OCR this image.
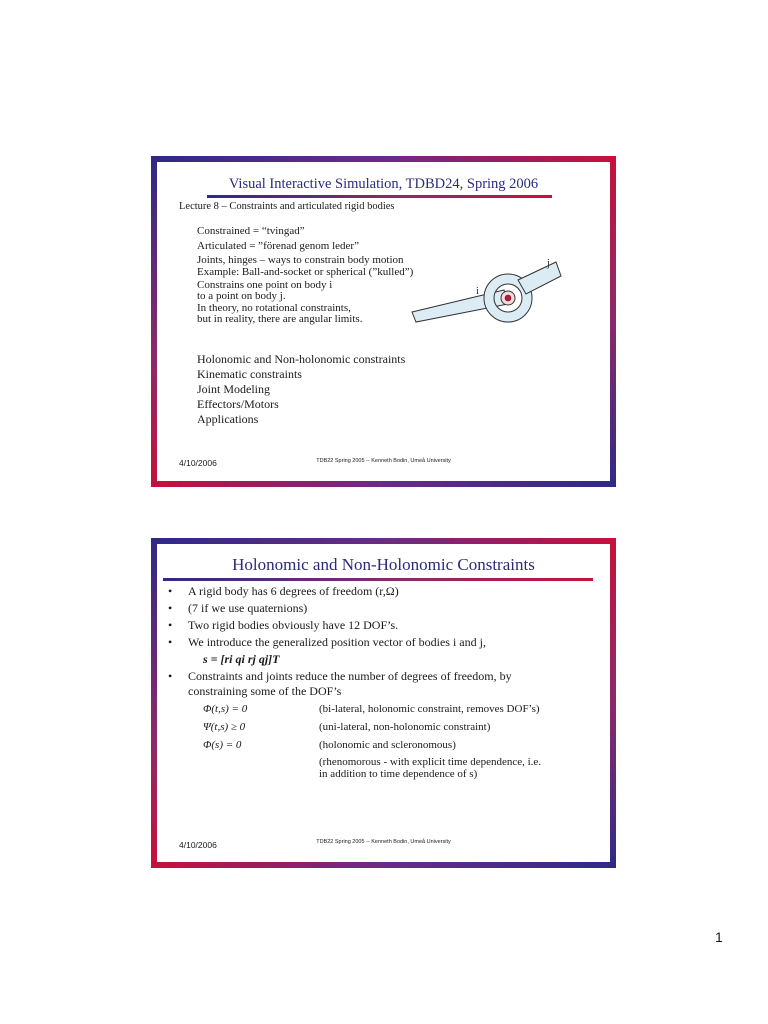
Visual Interactive Simulation, TDBD24, Spring 2006
Lecture 8 – Constraints and articulated rigid bodies
Constrained = “tvingad”
Articulated = ”förenad genom leder”
Joints, hinges – ways to constrain body motion
Example: Ball-and-socket or spherical (”kulled”)
Constrains one point on body i
to a point on body j.
In theory, no rotational constraints,
but in reality, there are angular limits.
i
j
Holonomic and Non-holonomic constraints
Kinematic constraints
Joint Modeling
Effectors/Motors
Applications
4/10/2006	TDB22 Spring 2005 -- Kenneth Bodin, Umeå University
Holonomic and Non-Holonomic Constraints
• A rigid body has 6 degrees of freedom (r,Ω)
• (7 if we use quaternions)
• Two rigid bodies obviously have 12 DOF’s.
• We introduce the generalized position vector of bodies i and j,
s = [ri qi rj qj]T
• Constraints and joints reduce the number of degrees of freedom, by
constraining some of the DOF’s
Φ(t,s) = 0	(bi-lateral, holonomic constraint, removes DOF’s)
Ψ(t,s) ≥ 0	(uni-lateral, non-holonomic constraint)
Φ(s) = 0	(holonomic and scleronomous)
(rhenomorous - with explicit time dependence, i.e.
in addition to time dependence of s)
4/10/2006	TDB22 Spring 2005 -- Kenneth Bodin, Umeå University
1
